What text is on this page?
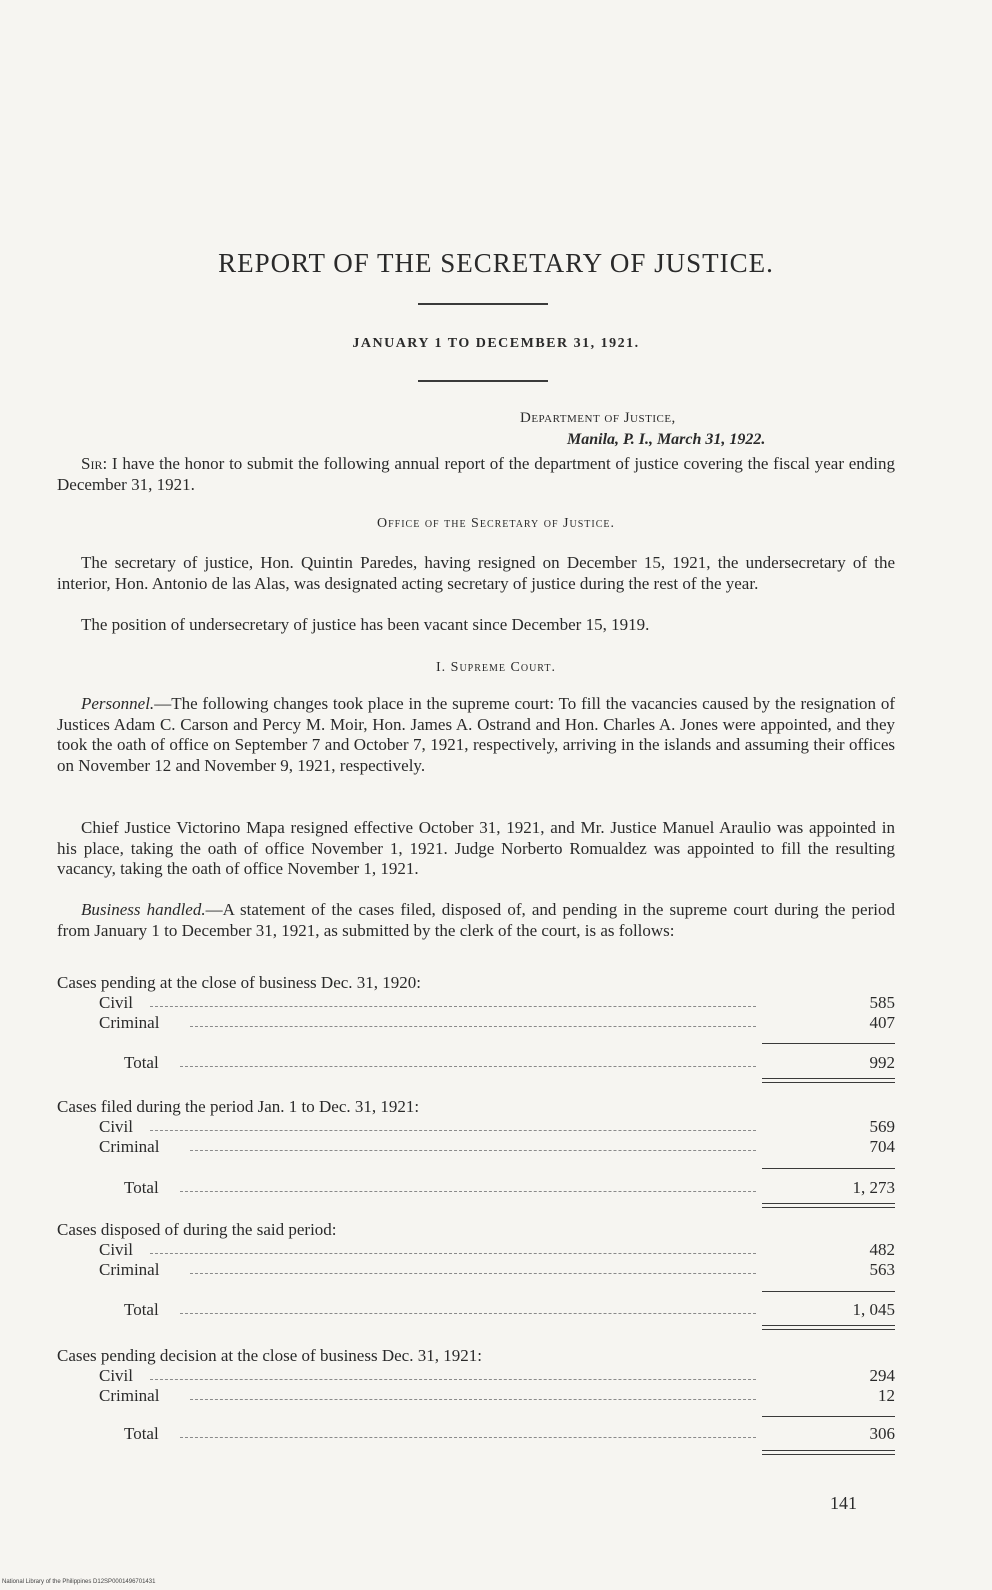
REPORT OF THE SECRETARY OF JUSTICE.
JANUARY 1 TO DECEMBER 31, 1921.
Department of Justice,
Manila, P. I., March 31, 1922.

Sir: I have the honor to submit the following annual report of the department of justice covering the fiscal year ending December 31, 1921.

Office of the Secretary of Justice.

The secretary of justice, Hon. Quintin Paredes, having resigned on December 15, 1921, the undersecretary of the interior, Hon. Antonio de las Alas, was designated acting secretary of justice during the rest of the year.

The position of undersecretary of justice has been vacant since December 15, 1919.

I. Supreme Court.

Personnel.—The following changes took place in the supreme court: To fill the vacancies caused by the resignation of Justices Adam C. Carson and Percy M. Moir, Hon. James A. Ostrand and Hon. Charles A. Jones were appointed, and they took the oath of office on September 7 and October 7, 1921, respectively, arriving in the islands and assuming their offices on November 12 and November 9, 1921, respectively.

Chief Justice Victorino Mapa resigned effective October 31, 1921, and Mr. Justice Manuel Araulio was appointed in his place, taking the oath of office November 1, 1921. Judge Norberto Romualdez was appointed to fill the resulting vacancy, taking the oath of office November 1, 1921.

Business handled.—A statement of the cases filed, disposed of, and pending in the supreme court during the period from January 1 to December 31, 1921, as submitted by the clerk of the court, is as follows:

Cases pending at the close of business Dec. 31, 1920:
Civil	585
Criminal	407
Total	992
Cases filed during the period Jan. 1 to Dec. 31, 1921:
Civil	569
Criminal	704
Total	1, 273
Cases disposed of during the said period:
Civil	482
Criminal	563
Total	1, 045
Cases pending decision at the close of business Dec. 31, 1921:
Civil	294
Criminal	12
Total	306
141
National Library of the Philippines D12SP0001496701431
